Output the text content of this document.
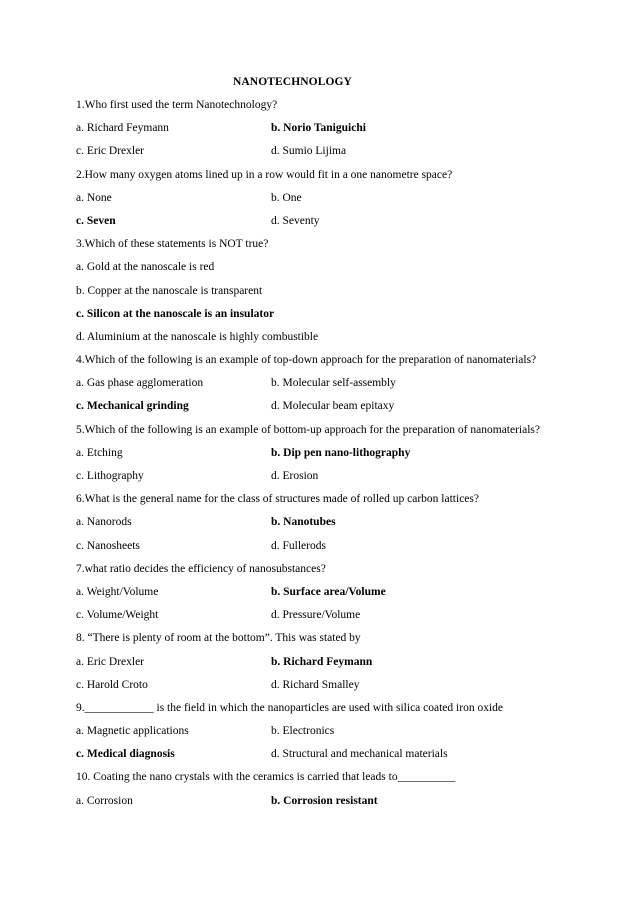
NANOTECHNOLOGY
1.Who first used the term Nanotechnology?
a. Richard Feymann	b. Norio Taniguichi
c. Eric Drexler	d. Sumio Lijima
2.How many oxygen atoms lined up in a row would fit in a one nanometre space?
a. None	b. One
c. Seven	d. Seventy
3.Which of these statements is NOT true?
a. Gold at the nanoscale is red
b. Copper at the nanoscale is transparent
c. Silicon at the nanoscale is an insulator
d. Aluminium at the nanoscale is highly combustible
4.Which of the following is an example of top-down approach for the preparation of nanomaterials?
a. Gas phase agglomeration	b. Molecular self-assembly
c. Mechanical grinding	d. Molecular beam epitaxy
5.Which of the following is an example of bottom-up approach for the preparation of nanomaterials?
a. Etching	b. Dip pen nano-lithography
c. Lithography	d. Erosion
6.What is the general name for the class of structures made of rolled up carbon lattices?
a. Nanorods	b. Nanotubes
c. Nanosheets	d. Fullerods
7.what ratio decides the efficiency of nanosubstances?
a. Weight/Volume	b. Surface area/Volume
c. Volume/Weight	d. Pressure/Volume
8. “There is plenty of room at the bottom”. This was stated by
a. Eric Drexler	b. Richard Feymann
c. Harold Croto	d. Richard Smalley
9.____________ is the field in which the nanoparticles are used with silica coated iron oxide
a. Magnetic applications	b. Electronics
c. Medical diagnosis	d. Structural and mechanical materials
10. Coating the nano crystals with the ceramics is carried that leads to__________
a. Corrosion	b. Corrosion resistant
